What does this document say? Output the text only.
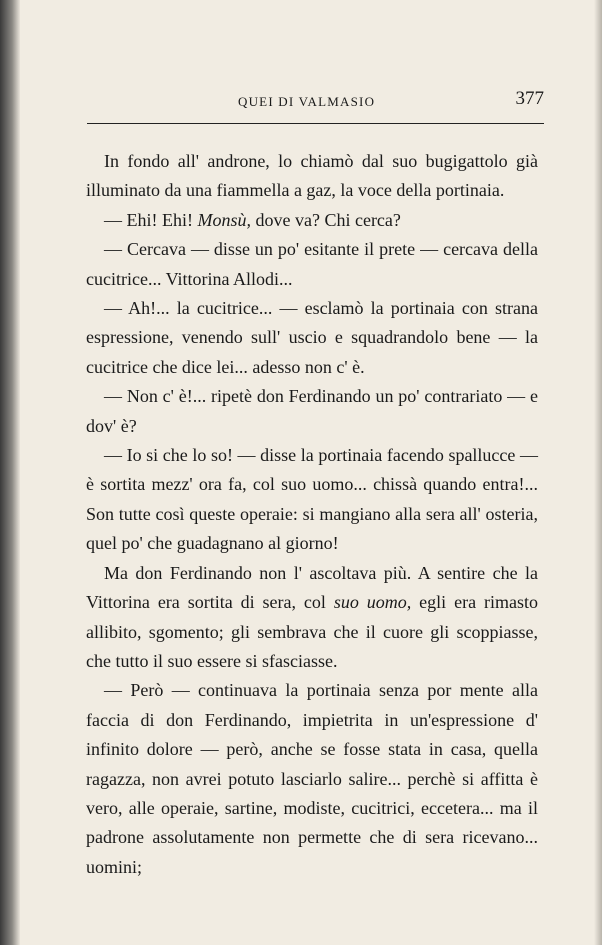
QUEI DI VALMASIO	377

In fondo all' androne, lo chiamò dal suo bugigattolo già illuminato da una fiammella a gaz, la voce della portinaia.

— Ehi! Ehi! Monsù, dove va? Chi cerca?

— Cercava — disse un po' esitante il prete — cercava della cucitrice... Vittorina Allodi...

— Ah!... la cucitrice... — esclamò la portinaia con strana espressione, venendo sull' uscio e squadrandolo bene — la cucitrice che dice lei... adesso non c' è.

— Non c' è!... ripetè don Ferdinando un po' contrariato — e dov' è?

— Io si che lo so! — disse la portinaia facendo spallucce — è sortita mezz' ora fa, col suo uomo... chissà quando entra!... Son tutte così queste operaie: si mangiano alla sera all' osteria, quel po' che guadagnano al giorno!

Ma don Ferdinando non l' ascoltava più. A sentire che la Vittorina era sortita di sera, col suo uomo, egli era rimasto allibito, sgomento; gli sembrava che il cuore gli scoppiasse, che tutto il suo essere si sfasciasse.

— Però — continuava la portinaia senza por mente alla faccia di don Ferdinando, impietrita in un'espressione d' infinito dolore — però, anche se fosse stata in casa, quella ragazza, non avrei potuto lasciarlo salire... perchè si affitta è vero, alle operaie, sartine, modiste, cucitrici, eccetera... ma il padrone assolutamente non permette che di sera ricevano... uomini;
